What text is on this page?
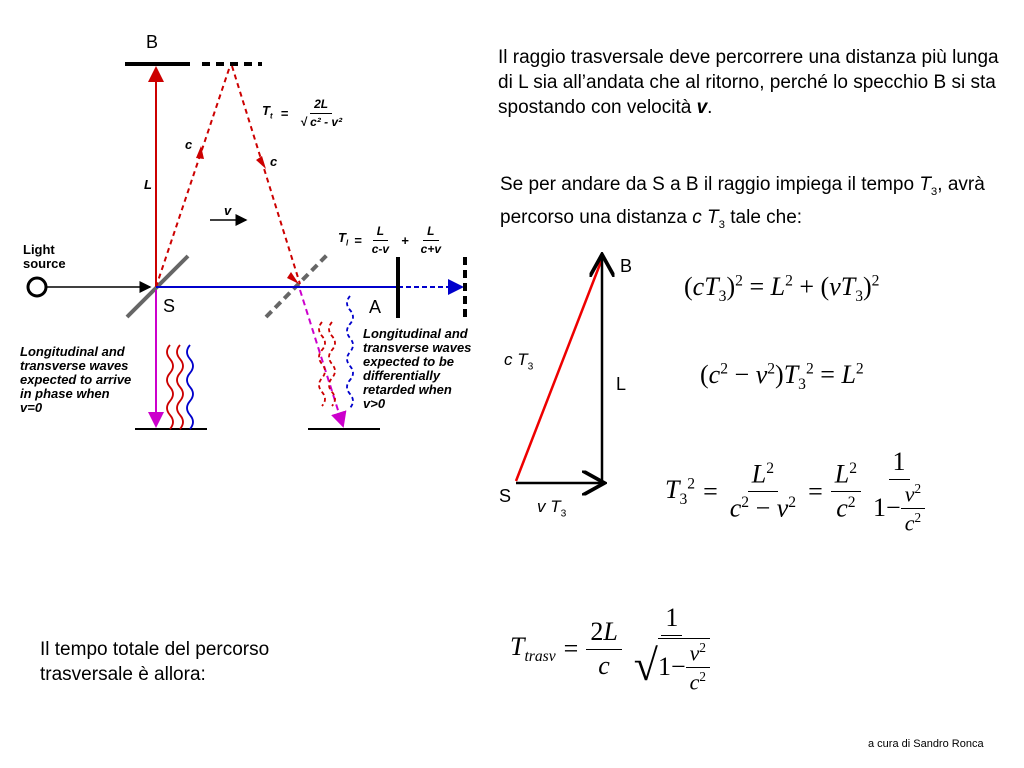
B
S	A
L
c
c
v
Light
source
$T_t = \frac{2L}{\text{√ c² - v²}}$
$T_l = \frac{L}{c-v} + \frac{L}{c+v}$
Longitudinal and
transverse waves
expected to arrive
in phase when
v=0
Longitudinal and
transverse waves
expected to be
differentially
retarded when
v>0
Il raggio trasversale deve percorrere una distanza più lunga di L sia all’andata che al ritorno, perché lo specchio B si sta spostando con velocità v.
Se per andare da S a B il raggio impiega il tempo $T_3$, avrà percorso una distanza c $T_3$ tale che:
B
S
L
c $T_3$
v $T_3$
$(cT_3)^2 = L^2 + (vT_3)^2$
$(c^2 - v^2)T_3^2 = L^2$
$T_3^2 = \frac{L^2}{c^2 - v^2} = \frac{L^2}{c^2} \frac{1}{1- \frac{v^2}{c^2}}$
$T_{trasv} = \frac{2L}{c} \frac{1}{√ 1- \frac{v^2}{c^2}}$
Il tempo totale del percorso trasversale è allora:
a cura di Sandro Ronca
